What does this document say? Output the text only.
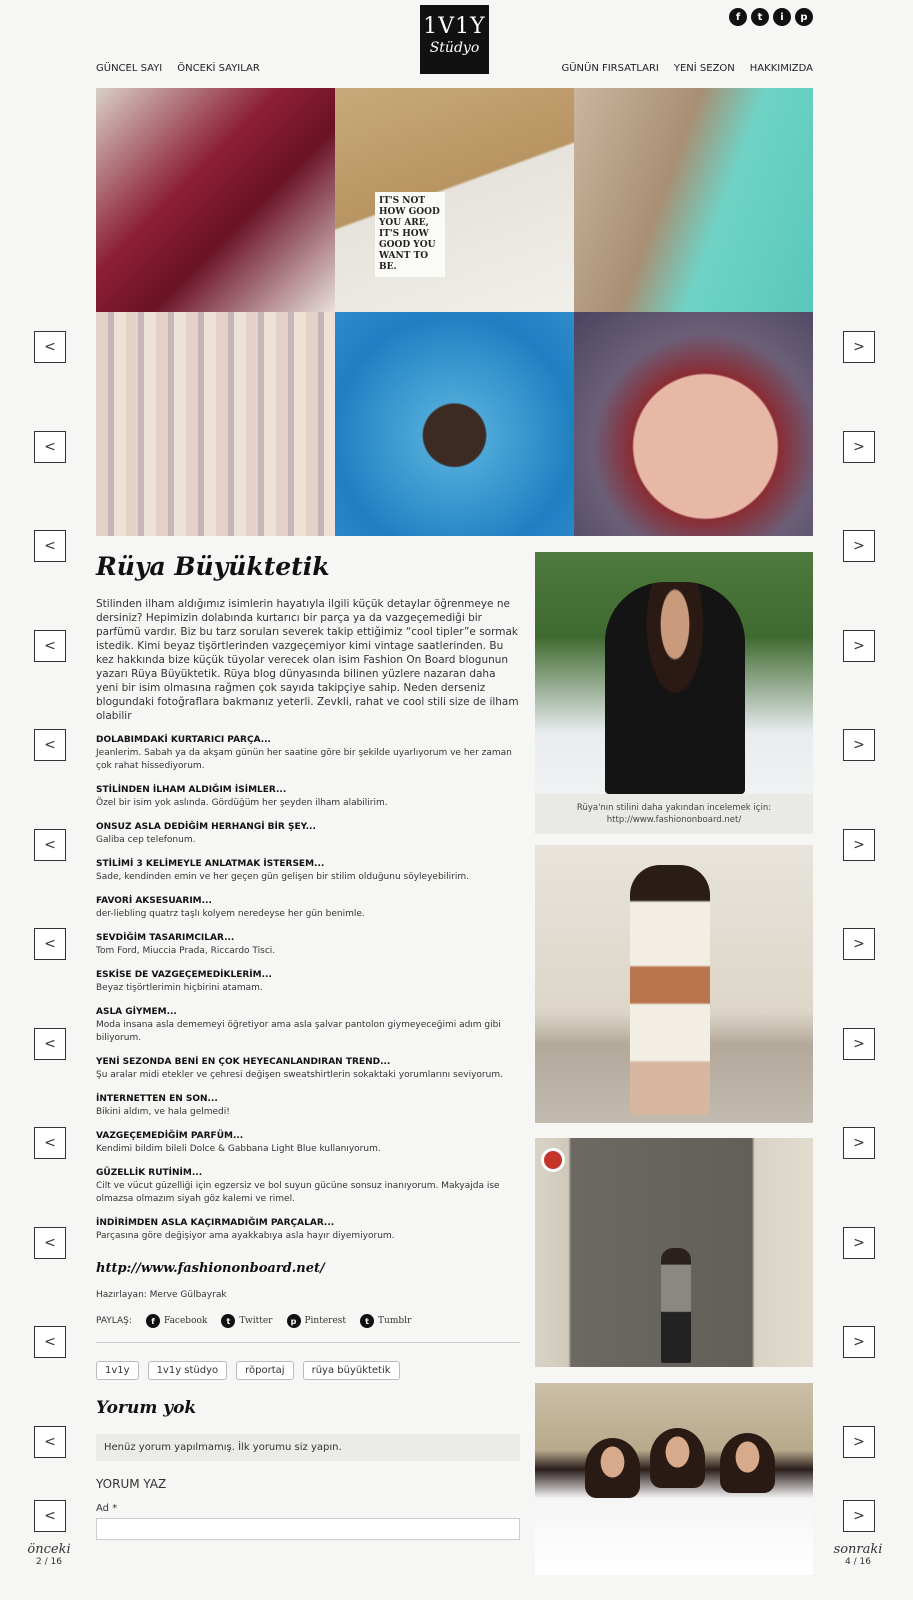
1V1Y
Stüdyo
f	t	i	p
GÜNCEL SAYI ÖNCEKİ SAYILAR	GÜNÜN FIRSATLARI YENİ SEZON HAKKIMIZDA
IT'S NOT HOW GOOD YOU ARE, IT'S HOW GOOD YOU WANT TO BE.
<
<
<
<
<
<
<
<
<
<
<
<
<
>
>
>
>
>
>
>
>
>
>
>
>
>
önceki
2 / 16
sonraki
4 / 16
Rüya Büyüktetik

Stilinden ilham aldığımız isimlerin hayatıyla ilgili küçük detaylar öğrenmeye ne dersiniz? Hepimizin dolabında kurtarıcı bir parça ya da vazgeçemediği bir parfümü vardır. Biz bu tarz soruları severek takip ettiğimiz “cool tipler”e sormak istedik. Kimi beyaz tişörtlerinden vazgeçemiyor kimi vintage saatlerinden. Bu kez hakkında bize küçük tüyolar verecek olan isim Fashion On Board blogunun yazarı Rüya Büyüktetik. Rüya blog dünyasında bilinen yüzlere nazaran daha yeni bir isim olmasına rağmen çok sayıda takipçiye sahip. Neden derseniz blogundaki fotoğraflara bakmanız yeterli. Zevkli, rahat ve cool stili size de ilham olabilir

DOLABIMDAKİ KURTARICI PARÇA...
Jeanlerim. Sabah ya da akşam günün her saatine göre bir şekilde uyarlıyorum ve her zaman çok rahat hissediyorum.
STİLİNDEN İLHAM ALDIĞIM İSİMLER...
Özel bir isim yok aslında. Gördüğüm her şeyden ilham alabilirim.
ONSUZ ASLA DEDİĞİM HERHANGİ BİR ŞEY...
Galiba cep telefonum.
STİLİMİ 3 KELİMEYLE ANLATMAK İSTERSEM...
Sade, kendinden emin ve her geçen gün gelişen bir stilim olduğunu söyleyebilirim.
FAVORİ AKSESUARIM...
der-liebling quatrz taşlı kolyem neredeyse her gün benimle.
SEVDİĞİM TASARIMCILAR...
Tom Ford, Miuccia Prada, Riccardo Tisci.
ESKİSE DE VAZGEÇEMEDİKLERİM...
Beyaz tişörtlerimin hiçbirini atamam.
ASLA GİYMEM...
Moda insana asla dememeyi öğretiyor ama asla şalvar pantolon giymeyeceğimi adım gibi biliyorum.
YENİ SEZONDA BENİ EN ÇOK HEYECANLANDIRAN TREND...
Şu aralar midi etekler ve çehresi değişen sweatshirtlerin sokaktaki yorumlarını seviyorum.
İNTERNETTEN EN SON...
Bikini aldım, ve hala gelmedi!
VAZGEÇEMEDİĞİM PARFÜM...
Kendimi bildim bileli Dolce & Gabbana Light Blue kullanıyorum.
GÜZELLİK RUTİNİM...
Cilt ve vücut güzelliği için egzersiz ve bol suyun gücüne sonsuz inanıyorum. Makyajda ise olmazsa olmazım siyah göz kalemi ve rimel.
İNDİRİMDEN ASLA KAÇIRMADIĞIM PARÇALAR...
Parçasına göre değişiyor ama ayakkabıya asla hayır diyemiyorum.
http://www.fashiononboard.net/
Hazırlayan: Merve Gülbayrak
PAYLAŞ:	f	Facebook	t	Twitter	p Pinterest	t	Tumblr
1v1y	1v1y stüdyo	röportaj	rüya büyüktetik
Yorum yok
Henüz yorum yapılmamış. İlk yorumu siz yapın.
YORUM YAZ
Ad *
Rüya'nın stilini daha yakından incelemek için:
http://www.fashiononboard.net/
